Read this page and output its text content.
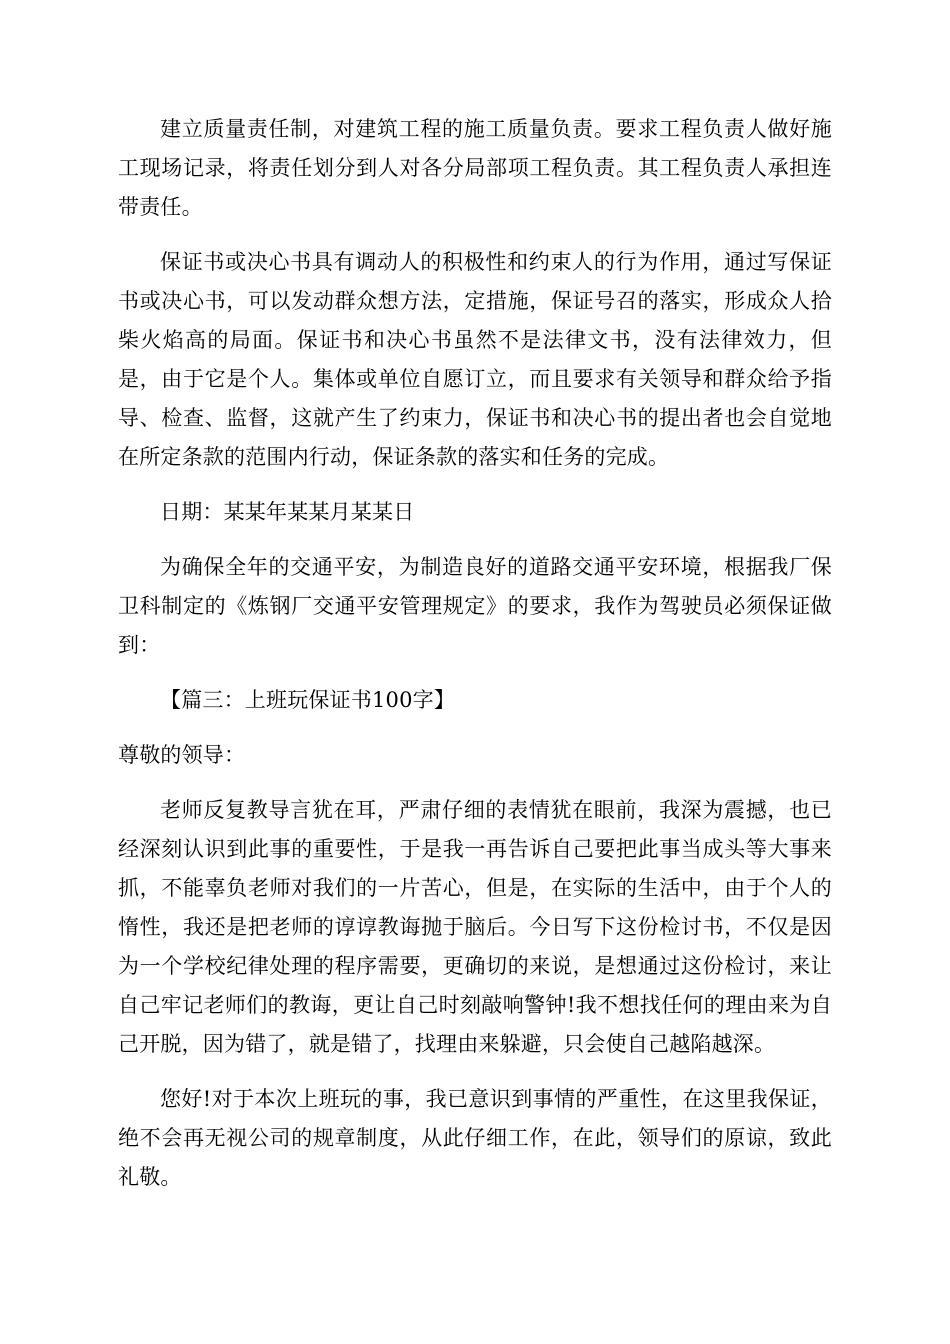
建立质量责任制，对建筑工程的施工质量负责。要求工程负责人做好施工现场记录，将责任划分到人对各分局部项工程负责。其工程负责人承担连带责任。

保证书或决心书具有调动人的积极性和约束人的行为作用，通过写保证书或决心书，可以发动群众想方法，定措施，保证号召的落实，形成众人拾柴火焰高的局面。保证书和决心书虽然不是法律文书，没有法律效力，但是，由于它是个人。集体或单位自愿订立，而且要求有关领导和群众给予指导、检查、监督，这就产生了约束力，保证书和决心书的提出者也会自觉地在所定条款的范围内行动，保证条款的落实和任务的完成。

日期：某某年某某月某某日

为确保全年的交通平安，为制造良好的道路交通平安环境，根据我厂保卫科制定的《炼钢厂交通平安管理规定》的要求，我作为驾驶员必须保证做到：

【篇三：上班玩保证书100字】

尊敬的领导：

老师反复教导言犹在耳，严肃仔细的表情犹在眼前，我深为震撼，也已经深刻认识到此事的重要性，于是我一再告诉自己要把此事当成头等大事来抓，不能辜负老师对我们的一片苦心，但是，在实际的生活中，由于个人的惰性，我还是把老师的谆谆教诲抛于脑后。今日写下这份检讨书，不仅是因为一个学校纪律处理的程序需要，更确切的来说，是想通过这份检讨，来让自己牢记老师们的教诲，更让自己时刻敲响警钟!我不想找任何的理由来为自己开脱，因为错了，就是错了，找理由来躲避，只会使自己越陷越深。

您好!对于本次上班玩的事，我已意识到事情的严重性，在这里我保证，绝不会再无视公司的规章制度，从此仔细工作，在此，领导们的原谅，致此礼敬。
